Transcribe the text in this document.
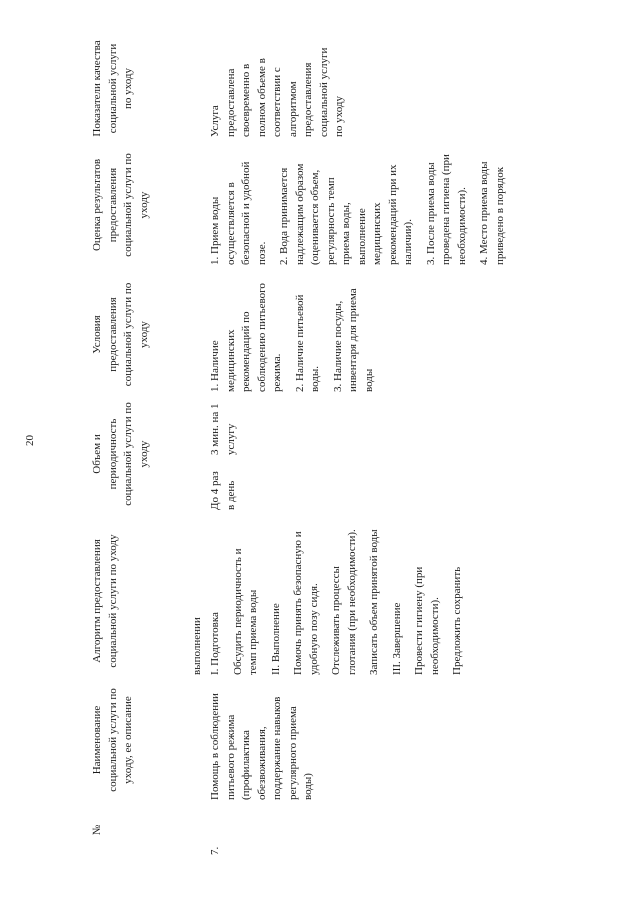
20
№
Наименование социальной услуги по уходу, ее описание
Алгоритм предоставления социальной услуги по уходу
Объем и периодичность социальной услуги по уходу
Условия предоставления социальной услуги по уходу
Оценка результатов предоставления социальной услуги по уходу
Показатели качества социальной услуги по уходу
выполнении
7.
Помощь в соблюдении питьевого режима (профилактика обезвоживания, поддержание навыков регулярного приема воды)

I. Подготовка Обсудить периодичность и темп приема воды II. Выполнение Помочь принять безопасную и удобную позу сидя. Отслеживать процессы глотания (при необходимости). Записать объем принятой воды III. Завершение Провести гигиену (при необходимости). Предложить сохранить

До 4 раз в день
3 мин. на 1 услугу

1. Наличие медицинских рекомендаций по соблюдению питьевого режима. 2. Наличие питьевой воды. 3. Наличие посуды, инвентаря для приема воды

1. Прием воды осуществляется в безопасной и удобной позе. 2. Вода принимается надлежащим образом (оценивается объем, регулярность темп приема воды, выполнение медицинских рекомендаций при их наличии). 3. После приема воды проведена гигиена (при необходимости). 4. Место приема воды приведено в порядок

Услуга предоставлена своевременно в полном объеме в соответствии с алгоритмом предоставления социальной услуги по уходу
